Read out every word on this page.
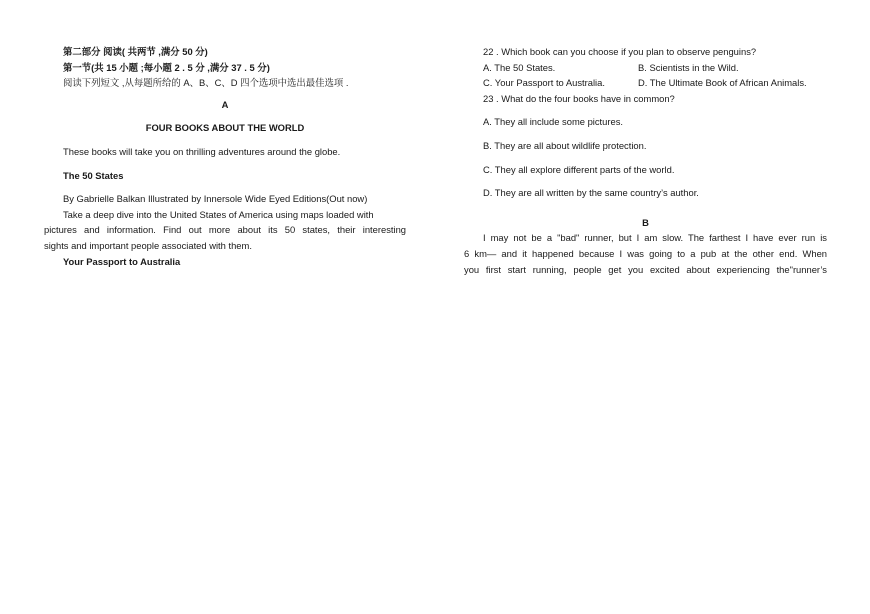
第二部分 阅读( 共两节 ,满分 50 分)
第一节(共 15 小题 ;每小题 2 . 5 分 ,满分 37 . 5 分)
阅读下列短文 ,从每题所给的 A、B、C、D 四个选项中选出最佳选项 .
A
FOUR BOOKS ABOUT THE WORLD
These books will take you on thrilling adventures around the globe.
The 50 States
By Gabrielle Balkan Illustrated by Innersole Wide Eyed Editions(Out now)
Take a deep dive into the United States of America using maps loaded with
pictures and information. Find out more about its 50 states, their interesting
sights and important people associated with them.
Your Passport to Australia
22 . Which book can you choose if you plan to observe penguins?
A. The 50 States.	B. Scientists in the Wild.
C. Your Passport to Australia.	D. The Ultimate Book of African Animals.
23 . What do the four books have in common?
A. They all include some pictures.
B. They are all about wildlife protection.
C. They all explore different parts of the world.
D. They are all written by the same country’s author.
B
I may not be a "bad" runner, but I am slow. The farthest I have ever run is
6 km— and it happened because I was going to a pub at the other end. When
you first start running, people get you excited about experiencing the"runner’s
